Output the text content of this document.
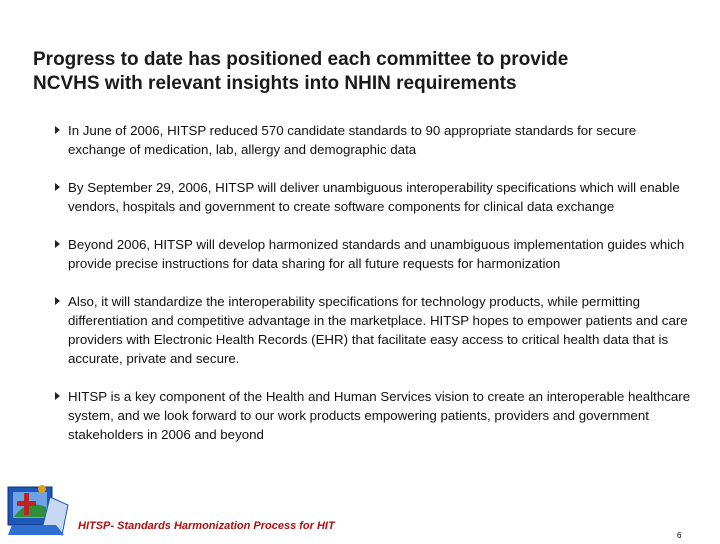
Progress to date has positioned each committee to provide
NCVHS with relevant insights into NHIN requirements
In June of 2006, HITSP reduced 570 candidate standards to 90 appropriate standards for secure exchange of medication, lab, allergy and demographic data
By September 29, 2006, HITSP will deliver unambiguous interoperability specifications which will enable vendors, hospitals and government to create software components for clinical data exchange
Beyond 2006, HITSP will develop harmonized standards and unambiguous implementation guides which provide precise instructions for data sharing for all future requests for harmonization
Also, it will standardize the interoperability specifications for technology products, while permitting differentiation and competitive advantage in the marketplace. HITSP hopes to empower patients and care providers with Electronic Health Records (EHR) that facilitate easy access to critical health data that is accurate, private and secure.
HITSP is a key component of the Health and Human Services vision to create an interoperable healthcare system, and we look forward to our work products empowering patients, providers and government stakeholders in 2006 and beyond
HITSP- Standards Harmonization Process for HIT
6
